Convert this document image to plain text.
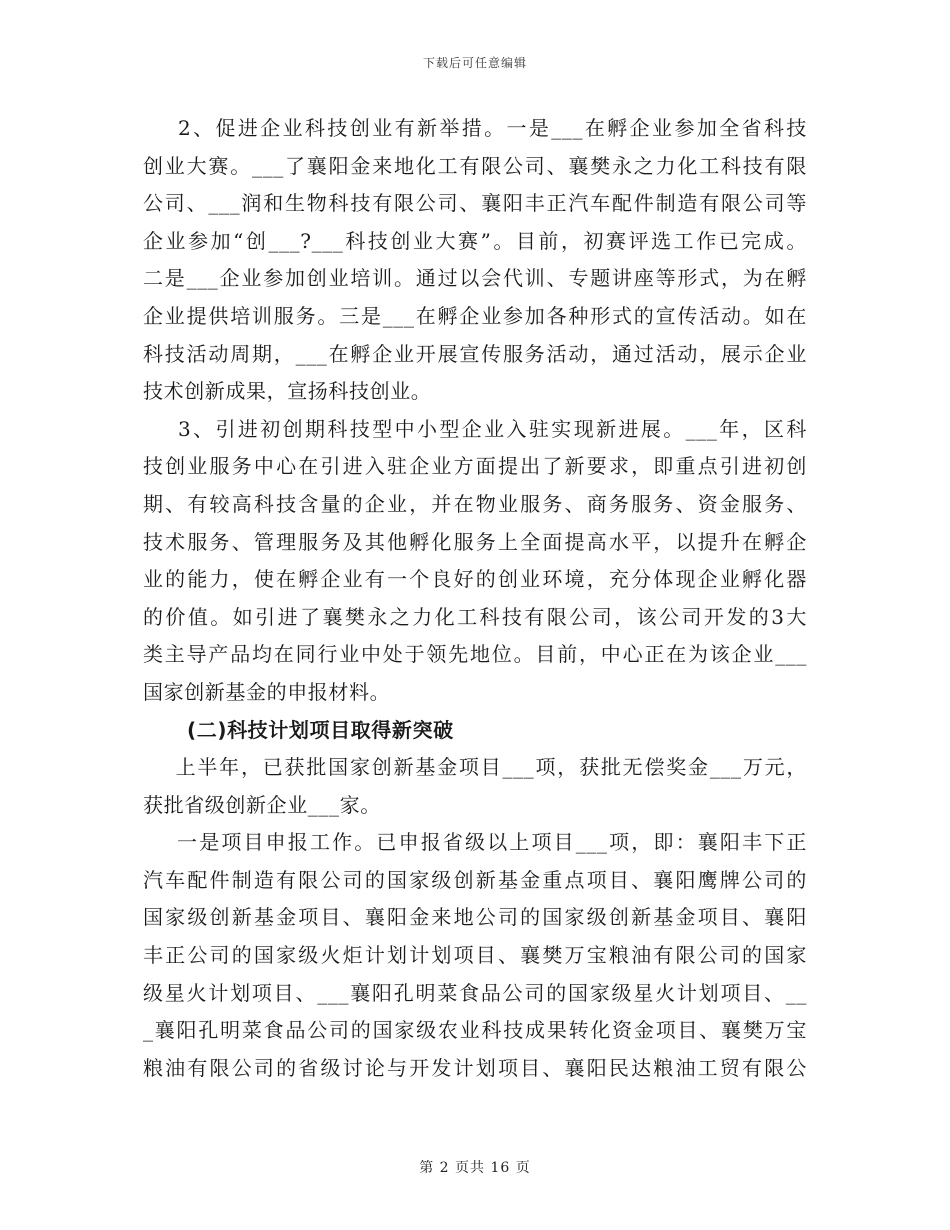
下载后可任意编辑
2、促进企业科技创业有新举措。一是___在孵企业参加全省科技
创业大赛。___了襄阳金来地化工有限公司、襄樊永之力化工科技有限
公司、___润和生物科技有限公司、襄阳丰正汽车配件制造有限公司等
企业参加“创___?___科技创业大赛”。目前，初赛评选工作已完成。
二是___企业参加创业培训。通过以会代训、专题讲座等形式，为在孵
企业提供培训服务。三是___在孵企业参加各种形式的宣传活动。如在
科技活动周期，___在孵企业开展宣传服务活动，通过活动，展示企业
技术创新成果，宣扬科技创业。
3、引进初创期科技型中小型企业入驻实现新进展。___年，区科
技创业服务中心在引进入驻企业方面提出了新要求，即重点引进初创
期、有较高科技含量的企业，并在物业服务、商务服务、资金服务、
技术服务、管理服务及其他孵化服务上全面提高水平，以提升在孵企
业的能力，使在孵企业有一个良好的创业环境，充分体现企业孵化器
的价值。如引进了襄樊永之力化工科技有限公司，该公司开发的3大
类主导产品均在同行业中处于领先地位。目前，中心正在为该企业___
国家创新基金的申报材料。
(二)科技计划项目取得新突破
上半年，已获批国家创新基金项目___项，获批无偿奖金___万元，
获批省级创新企业___家。
一是项目申报工作。已申报省级以上项目___项，即：襄阳丰下正
汽车配件制造有限公司的国家级创新基金重点项目、襄阳鹰牌公司的
国家级创新基金项目、襄阳金来地公司的国家级创新基金项目、襄阳
丰正公司的国家级火炬计划计划项目、襄樊万宝粮油有限公司的国家
级星火计划项目、___襄阳孔明菜食品公司的国家级星火计划项目、__
_襄阳孔明菜食品公司的国家级农业科技成果转化资金项目、襄樊万宝
粮油有限公司的省级讨论与开发计划项目、襄阳民达粮油工贸有限公
第 2 页共 16 页
